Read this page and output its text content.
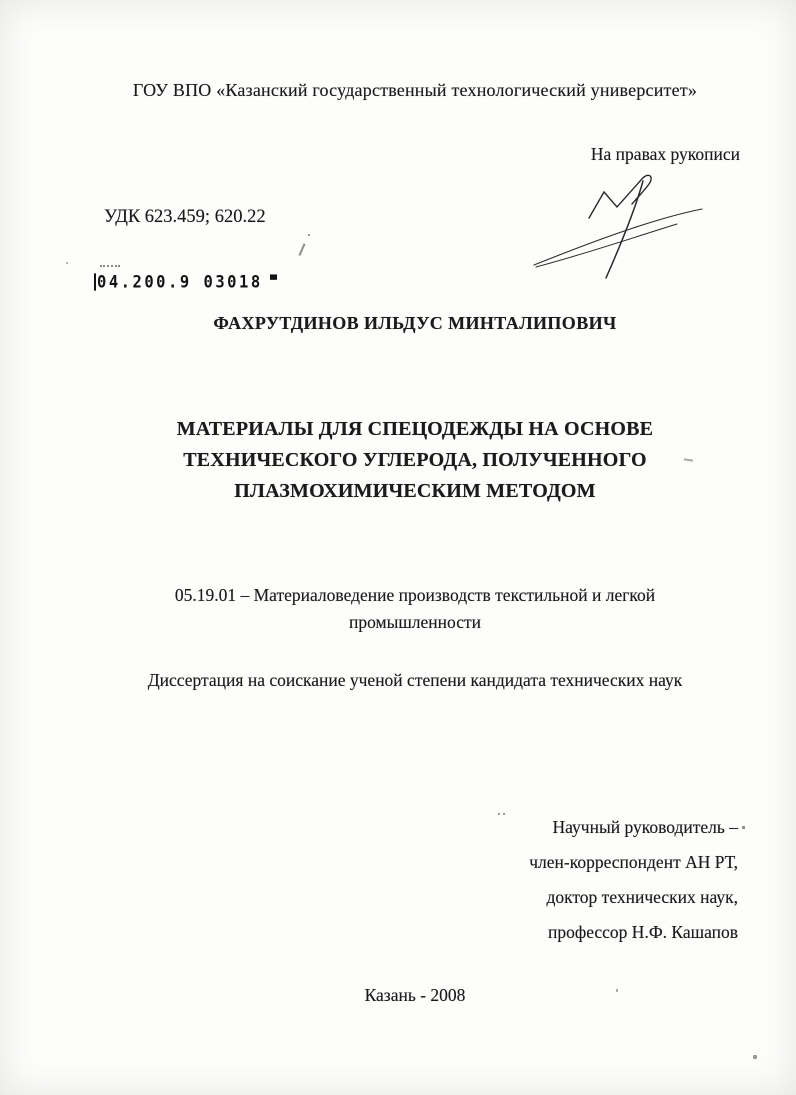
ГОУ ВПО «Казанский государственный технологический университет»
На правах рукописи
УДК 623.459; 620.22
04.200.9 03018
ФАХРУТДИНОВ ИЛЬДУС МИНТАЛИПОВИЧ
МАТЕРИАЛЫ ДЛЯ СПЕЦОДЕЖДЫ НА ОСНОВЕ
ТЕХНИЧЕСКОГО УГЛЕРОДА, ПОЛУЧЕННОГО
ПЛАЗМОХИМИЧЕСКИМ МЕТОДОМ
05.19.01 – Материаловедение производств текстильной и легкой
промышленности
Диссертация на соискание ученой степени кандидата технических наук
Научный руководитель –
член-корреспондент АН РТ,
доктор технических наук,
профессор Н.Ф. Кашапов
Казань - 2008
